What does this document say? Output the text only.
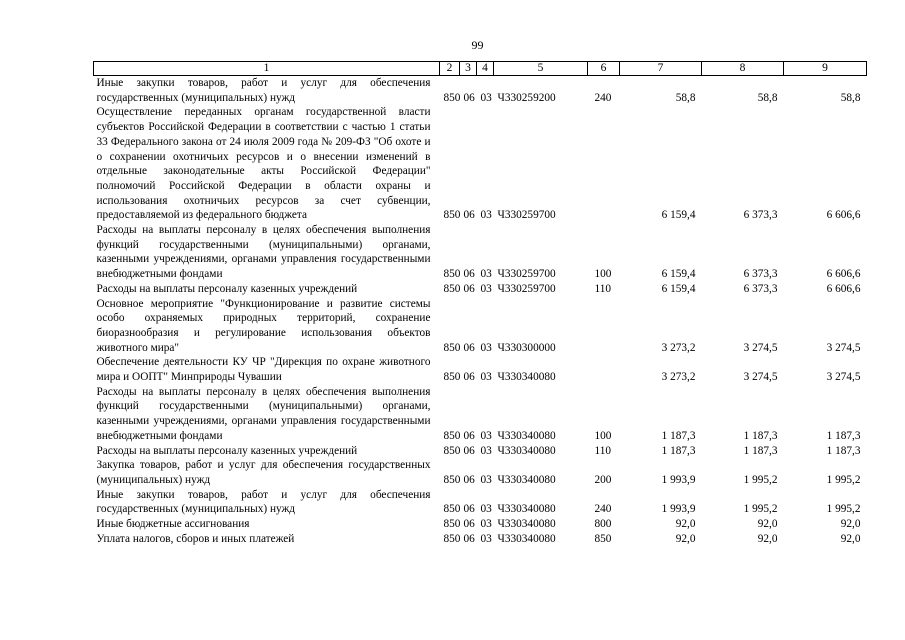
99
1	2	3	4	5	6	7	8	9
Иные закупки товаров, работ и услуг для обеспечения государственных (муниципальных) нужд	850	06	03	Ч330259200	240	58,8	58,8	58,8
Осуществление переданных органам государственной власти субъектов Российской Федерации в соответствии с частью 1 статьи 33 Федерального закона от 24 июля 2009 года № 209-ФЗ "Об охоте и о сохранении охотничьих ресурсов и о внесении изменений в отдельные законодательные акты Российской Федерации" полномочий Российской Федерации в области охраны и использования охотничьих ресурсов за счет субвенции, предоставляемой из федерального бюджета	850	06	03	Ч330259700		6 159,4	6 373,3	6 606,6
Расходы на выплаты персоналу в целях обеспечения выполнения функций государственными (муниципальными) органами, казенными учреждениями, органами управления государственными внебюджетными фондами	850	06	03	Ч330259700	100	6 159,4	6 373,3	6 606,6
Расходы на выплаты персоналу казенных учреждений	850	06	03	Ч330259700	110	6 159,4	6 373,3	6 606,6
Основное мероприятие "Функционирование и развитие системы особо охраняемых природных территорий, сохранение биоразнообразия и регулирование использования объектов животного мира"	850	06	03	Ч330300000		3 273,2	3 274,5	3 274,5
Обеспечение деятельности КУ ЧР "Дирекция по охране животного мира и ООПТ" Минприроды Чувашии	850	06	03	Ч330340080		3 273,2	3 274,5	3 274,5
Расходы на выплаты персоналу в целях обеспечения выполнения функций государственными (муниципальными) органами, казенными учреждениями, органами управления государственными внебюджетными фондами	850	06	03	Ч330340080	100	1 187,3	1 187,3	1 187,3
Расходы на выплаты персоналу казенных учреждений	850	06	03	Ч330340080	110	1 187,3	1 187,3	1 187,3
Закупка товаров, работ и услуг для обеспечения государственных (муниципальных) нужд	850	06	03	Ч330340080	200	1 993,9	1 995,2	1 995,2
Иные закупки товаров, работ и услуг для обеспечения государственных (муниципальных) нужд	850	06	03	Ч330340080	240	1 993,9	1 995,2	1 995,2
Иные бюджетные ассигнования	850	06	03	Ч330340080	800	92,0	92,0	92,0
Уплата налогов, сборов и иных платежей	850	06	03	Ч330340080	850	92,0	92,0	92,0
